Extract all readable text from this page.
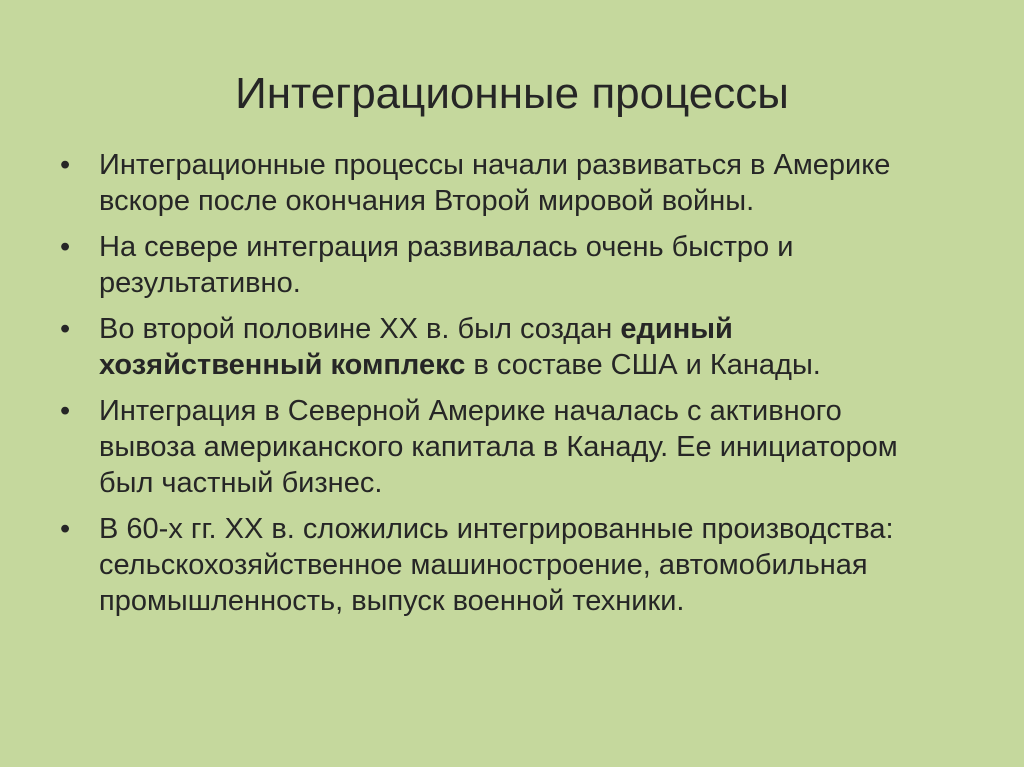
Интеграционные процессы
• Интеграционные процессы начали развиваться в Америке вскоре после окончания Второй мировой войны.
• На севере интеграция развивалась очень быстро и результативно.
• Во второй половине XX в. был создан единый хозяйственный комплекс в составе США и Канады.
• Интеграция в Северной Америке началась с активного вывоза американского капитала в Канаду. Ее инициатором был частный бизнес.
• В 60-х гг. XX в. сложились интегрированные производства: сельскохозяйственное машиностроение, автомобильная промышленность, выпуск военной техники.
